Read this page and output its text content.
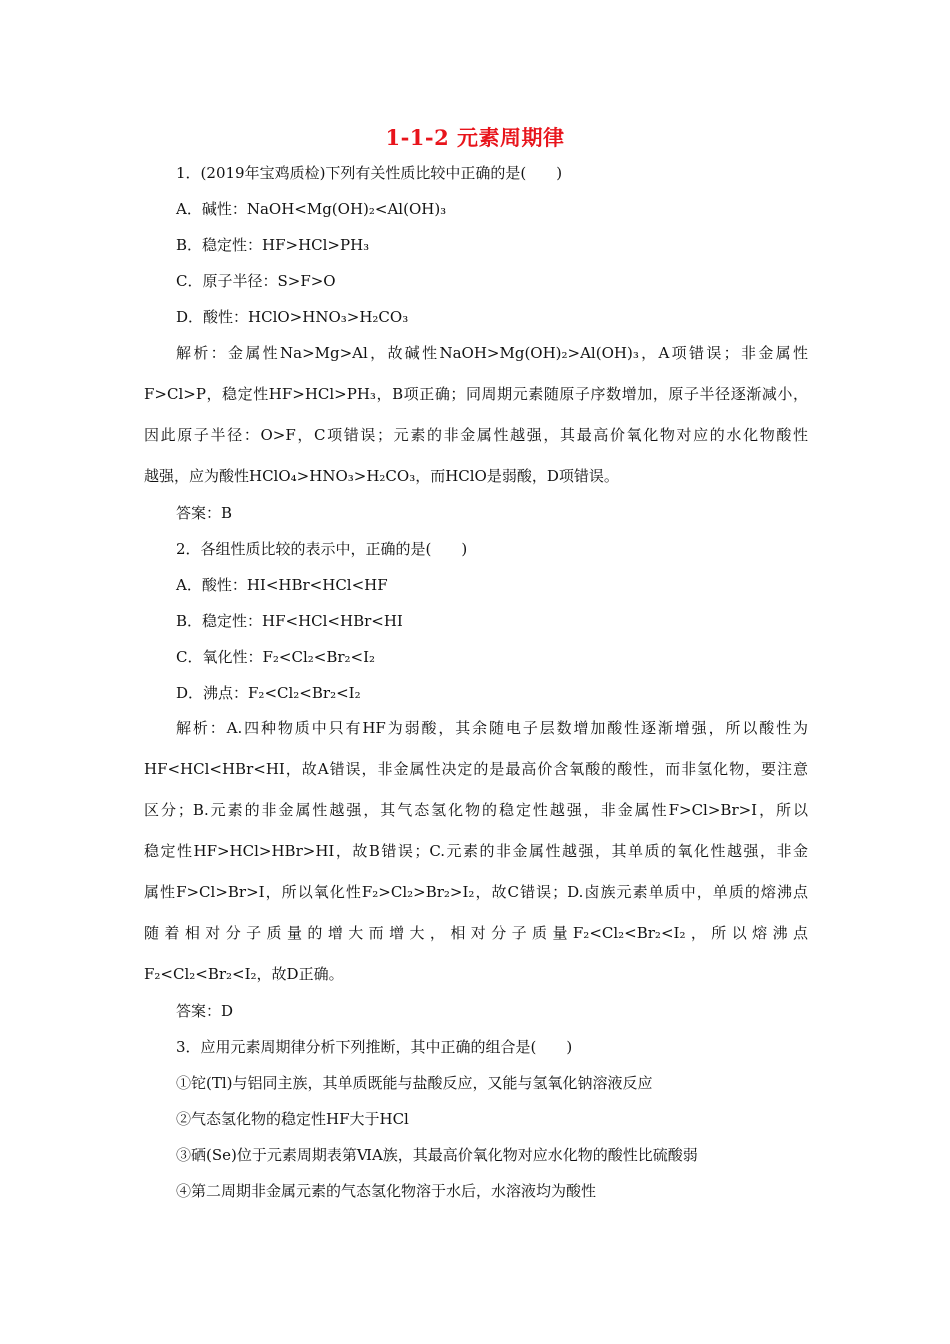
1-1-2 元素周期律
1．(2019年宝鸡质检)下列有关性质比较中正确的是(　　)
A．碱性：NaOH<Mg(OH)₂<Al(OH)₃
B．稳定性：HF>HCl>PH₃
C．原子半径：S>F>O
D．酸性：HClO>HNO₃>H₂CO₃
解析：金属性Na>Mg>Al，故碱性NaOH>Mg(OH)₂>Al(OH)₃，A项错误；非金属性
F>Cl>P，稳定性HF>HCl>PH₃，B项正确；同周期元素随原子序数增加，原子半径逐渐减小，
因此原子半径：O>F，C项错误；元素的非金属性越强，其最高价氧化物对应的水化物酸性
越强，应为酸性HClO₄>HNO₃>H₂CO₃，而HClO是弱酸，D项错误。
答案：B
2．各组性质比较的表示中，正确的是(　　)
A．酸性：HI<HBr<HCl<HF
B．稳定性：HF<HCl<HBr<HI
C．氧化性：F₂<Cl₂<Br₂<I₂
D．沸点：F₂<Cl₂<Br₂<I₂
解析：A.四种物质中只有HF为弱酸，其余随电子层数增加酸性逐渐增强，所以酸性为
HF<HCl<HBr<HI，故A错误，非金属性决定的是最高价含氧酸的酸性，而非氢化物，要注意
区分；B.元素的非金属性越强，其气态氢化物的稳定性越强，非金属性F>Cl>Br>I，所以
稳定性HF>HCl>HBr>HI，故B错误；C.元素的非金属性越强，其单质的氧化性越强，非金
属性F>Cl>Br>I，所以氧化性F₂>Cl₂>Br₂>I₂，故C错误；D.卤族元素单质中，单质的熔沸点
随着相对分子质量的增大而增大，相对分子质量F₂<Cl₂<Br₂<I₂，所以熔沸点
F₂<Cl₂<Br₂<I₂，故D正确。
答案：D
3．应用元素周期律分析下列推断，其中正确的组合是(　　)
①铊(Tl)与铝同主族，其单质既能与盐酸反应，又能与氢氧化钠溶液反应
②气态氢化物的稳定性HF大于HCl
③硒(Se)位于元素周期表第ⅥA族，其最高价氧化物对应水化物的酸性比硫酸弱
④第二周期非金属元素的气态氢化物溶于水后，水溶液均为酸性
